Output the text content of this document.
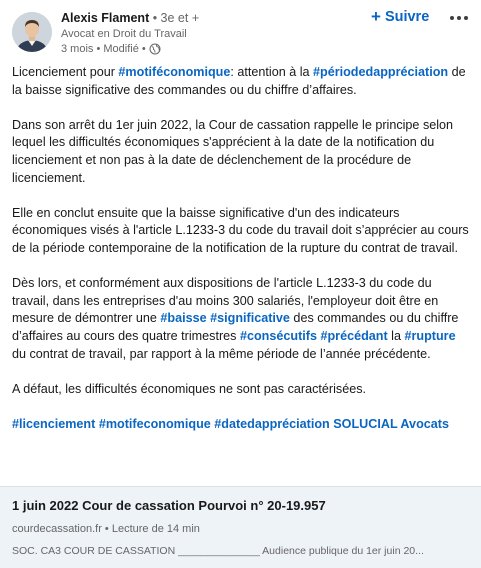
Alexis Flament • 3e et +
Avocat en Droit du Travail
3 mois • Modifié •
+ Suivre

Licenciement pour #motiféconomique: attention à la #périodedappréciation de la baisse significative des commandes ou du chiffre d’affaires.

Dans son arrêt du 1er juin 2022, la Cour de cassation rappelle le principe selon lequel les difficultés économiques s'apprécient à la date de la notification du licenciement et non pas à la date de déclenchement de la procédure de licenciement.

Elle en conclut ensuite que la baisse significative d'un des indicateurs économiques visés à l'article L.1233-3 du code du travail doit s’apprécier au cours de la période contemporaine de la notification de la rupture du contrat de travail.

Dès lors, et conformément aux dispositions de l'article L.1233-3 du code du travail, dans les entreprises d'au moins 300 salariés, l'employeur doit être en mesure de démontrer une #baisse #significative des commandes ou du chiffre d’affaires au cours des quatre trimestres #consécutifs #précédant la #rupture du contrat de travail, par rapport à la même période de l’année précédente.

A défaut, les difficultés économiques ne sont pas caractérisées.

#licenciement #motifeconomique #datedappréciation SOLUCIAL Avocats

1 juin 2022 Cour de cassation Pourvoi n° 20-19.957
courdecassation.fr • Lecture de 14 min
SOC. CA3 COUR DE CASSATION ______________ Audience publique du 1er juin 20...
